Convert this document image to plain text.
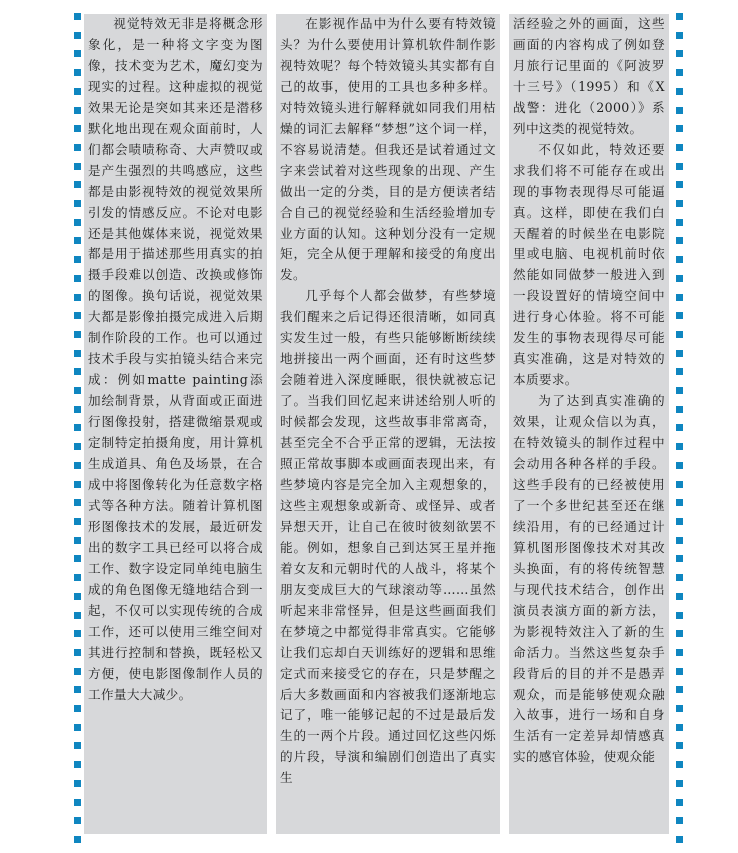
视觉特效无非是将概念形象化，是一种将文字变为图像，技术变为艺术，魔幻变为现实的过程。这种虚拟的视觉效果无论是突如其来还是潜移默化地出现在观众面前时，人们都会啧啧称奇、大声赞叹或是产生强烈的共鸣感应，这些都是由影视特效的视觉效果所引发的情感反应。不论对电影还是其他媒体来说，视觉效果都是用于描述那些用真实的拍摄手段难以创造、改换或修饰的图像。换句话说，视觉效果大都是影像拍摄完成进入后期制作阶段的工作。也可以通过技术手段与实拍镜头结合来完成：例如matte painting添加绘制背景，从背面或正面进行图像投射，搭建微缩景观或定制特定拍摄角度，用计算机生成道具、角色及场景，在合成中将图像转化为任意数字格式等各种方法。随着计算机图形图像技术的发展，最近研发出的数字工具已经可以将合成工作、数字设定同单纯电脑生成的角色图像无缝地结合到一起，不仅可以实现传统的合成工作，还可以使用三维空间对其进行控制和替换，既轻松又方便，使电影图像制作人员的工作量大大减少。

在影视作品中为什么要有特效镜头？为什么要使用计算机软件制作影视特效呢？每个特效镜头其实都有自己的故事，使用的工具也多种多样。对特效镜头进行解释就如同我们用枯燥的词汇去解释“梦想”这个词一样，不容易说清楚。但我还是试着通过文字来尝试着对这些现象的出现、产生做出一定的分类，目的是方便读者结合自己的视觉经验和生活经验增加专业方面的认知。这种划分没有一定规矩，完全从便于理解和接受的角度出发。

几乎每个人都会做梦，有些梦境我们醒来之后记得还很清晰，如同真实发生过一般，有些只能够断断续续地拼接出一两个画面，还有时这些梦会随着进入深度睡眠，很快就被忘记了。当我们回忆起来讲述给别人听的时候都会发现，这些故事非常离奇，甚至完全不合乎正常的逻辑，无法按照正常故事脚本或画面表现出来，有些梦境内容是完全加入主观想象的，这些主观想象或新奇、或怪异、或者异想天开，让自己在彼时彼刻欲罢不能。例如，想象自己到达冥王星并拖着女友和元朝时代的人战斗，将某个朋友变成巨大的气球滚动等……虽然听起来非常怪异，但是这些画面我们在梦境之中都觉得非常真实。它能够让我们忘却白天训练好的逻辑和思维定式而来接受它的存在，只是梦醒之后大多数画面和内容被我们逐渐地忘记了，唯一能够记起的不过是最后发生的一两个片段。通过回忆这些闪烁的片段，导演和编剧们创造出了真实生

活经验之外的画面，这些画面的内容构成了例如登月旅行记里面的《阿波罗十三号》（1995）和《X战警：进化（2000）》系列中这类的视觉特效。

不仅如此，特效还要求我们将不可能存在或出现的事物表现得尽可能逼真。这样，即使在我们白天醒着的时候坐在电影院里或电脑、电视机前时依然能如同做梦一般进入到一段设置好的情境空间中进行身心体验。将不可能发生的事物表现得尽可能真实准确，这是对特效的本质要求。

为了达到真实准确的效果，让观众信以为真，在特效镜头的制作过程中会动用各种各样的手段。这些手段有的已经被使用了一个多世纪甚至还在继续沿用，有的已经通过计算机图形图像技术对其改头换面，有的将传统智慧与现代技术结合，创作出演员表演方面的新方法，为影视特效注入了新的生命活力。当然这些复杂手段背后的目的并不是愚弄观众，而是能够使观众融入故事，进行一场和自身生活有一定差异却情感真实的感官体验，使观众能
